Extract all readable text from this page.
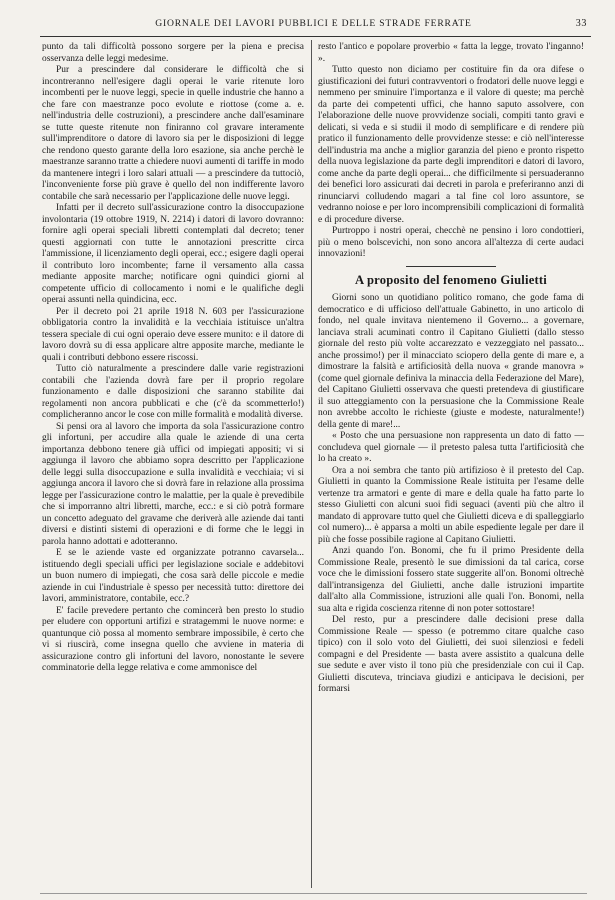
GIORNALE DEI LAVORI PUBBLICI E DELLE STRADE FERRATE	33

punto da tali difficoltà possono sorgere per la piena e precisa osservanza delle leggi medesime.

Pur a prescindere dal considerare le difficoltà che si incontreranno nell'esigere dagli operai le varie ritenute loro incombenti per le nuove leggi, specie in quelle industrie che hanno a che fare con maestranze poco evolute e riottose (come a. e. nell'industria delle costruzioni), a prescindere anche dall'esaminare se tutte queste ritenute non finiranno col gravare interamente sull'imprenditore o datore di lavoro sia per le disposizioni di legge che rendono questo garante della loro esazione, sia anche perchè le maestranze saranno tratte a chiedere nuovi aumenti di tariffe in modo da mantenere integri i loro salari attuali — a prescindere da tuttociò, l'inconveniente forse più grave è quello del non indifferente lavoro contabile che sarà necessario per l'applicazione delle nuove leggi.

Infatti per il decreto sull'assicurazione contro la disoccupazione involontaria (19 ottobre 1919, N. 2214) i datori di lavoro dovranno: fornire agli operai speciali libretti contemplati dal decreto; tener questi aggiornati con tutte le annotazioni prescritte circa l'ammissione, il licenziamento degli operai, ecc.; esigere dagli operai il contributo loro incombente; farne il versamento alla cassa mediante apposite marche; notificare ogni quindici giorni al competente ufficio di collocamento i nomi e le qualifiche degli operai assunti nella quindicina, ecc.

Per il decreto poi 21 aprile 1918 N. 603 per l'assicurazione obbligatoria contro la invalidità e la vecchiaia istituisce un'altra tessera speciale di cui ogni operaio deve essere munito: e il datore di lavoro dovrà su di essa applicare altre apposite marche, mediante le quali i contributi debbono essere riscossi.

Tutto ciò naturalmente a prescindere dalle varie registrazioni contabili che l'azienda dovrà fare per il proprio regolare funzionamento e dalle disposizioni che saranno stabilite dai regolamenti non ancora pubblicati e che (c'è da scommetterlo!) complicheranno ancor le cose con mille formalità e modalità diverse.

Si pensi ora al lavoro che importa da sola l'assicurazione contro gli infortuni, per accudire alla quale le aziende di una certa importanza debbono tenere già uffici od impiegati appositi; vi si aggiunga il lavoro che abbiamo sopra descritto per l'applicazione delle leggi sulla disoccupazione e sulla invalidità e vecchiaia; vi si aggiunga ancora il lavoro che si dovrà fare in relazione alla prossima legge per l'assicurazione contro le malattie, per la quale è prevedibile che si imporranno altri libretti, marche, ecc.: e si ciò potrà formare un concetto adeguato del gravame che deriverà alle aziende dai tanti diversi e distinti sistemi di operazioni e di forme che le leggi in parola hanno adottati e adotteranno.

E se le aziende vaste ed organizzate potranno cavarsela... istituendo degli speciali uffici per legislazione sociale e addebitovi un buon numero di impiegati, che cosa sarà delle piccole e medie aziende in cui l'industriale è spesso per necessità tutto: direttore dei lavori, amministratore, contabile, ecc.?

E' facile prevedere pertanto che comincerà ben presto lo studio per eludere con opportuni artifizi e stratagemmi le nuove norme: e quantunque ciò possa al momento sembrare impossibile, è certo che vi si riuscirà, come insegna quello che avviene in materia di assicurazione contro gli infortuni del lavoro, nonostante le severe comminatorie della legge relativa e come ammonisce del

resto l'antico e popolare proverbio « fatta la legge, trovato l'inganno! ».

Tutto questo non diciamo per costituire fin da ora difese o giustificazioni dei futuri contravventori o frodatori delle nuove leggi e nemmeno per sminuire l'importanza e il valore di queste; ma perchè da parte dei competenti uffici, che hanno saputo assolvere, con l'elaborazione delle nuove provvidenze sociali, compiti tanto gravi e delicati, si veda e si studii il modo di semplificare e di rendere più pratico il funzionamento delle provvidenze stesse: e ciò nell'interesse dell'industria ma anche a miglior garanzia del pieno e pronto rispetto della nuova legislazione da parte degli imprenditori e datori di lavoro, come anche da parte degli operai... che difficilmente si persuaderanno dei benefici loro assicurati dai decreti in parola e preferiranno anzi di rinunciarvi colludendo magari a tal fine col loro assuntore, se vedranno noiose e per loro incomprensibili complicazioni di formalità e di procedure diverse.

Purtroppo i nostri operai, checchè ne pensino i loro condottieri, più o meno bolscevichi, non sono ancora all'altezza di certe audaci innovazioni!

A proposito del fenomeno Giulietti

Giorni sono un quotidiano politico romano, che gode fama di democratico e di ufficioso dell'attuale Gabinetto, in uno articolo di fondo, nel quale invitava nientemeno il Governo... a governare, lanciava strali acuminati contro il Capitano Giulietti (dallo stesso giornale del resto più volte accarezzato e vezzeggiato nel passato... anche prossimo!) per il minacciato sciopero della gente di mare e, a dimostrare la falsità e artificiosità della nuova « grande manovra » (come quel giornale definiva la minaccia della Federazione del Mare), del Capitano Giulietti osservava che questi pretendeva di giustificare il suo atteggiamento con la persuasione che la Commissione Reale non avrebbe accolto le richieste (giuste e modeste, naturalmente!) della gente di mare!...

« Posto che una persuasione non rappresenta un dato di fatto — concludeva quel giornale — il pretesto palesa tutta l'artificiosità che lo ha creato ».

Ora a noi sembra che tanto più artifizioso è il pretesto del Cap. Giulietti in quanto la Commissione Reale istituita per l'esame delle vertenze tra armatori e gente di mare e della quale ha fatto parte lo stesso Giulietti con alcuni suoi fidi seguaci (aventi più che altro il mandato di approvare tutto quel che Giulietti diceva e di spalleggiarlo col numero)... è apparsa a molti un abile espediente legale per dare il più che fosse possibile ragione al Capitano Giulietti.

Anzi quando l'on. Bonomi, che fu il primo Presidente della Commissione Reale, presentò le sue dimissioni da tal carica, corse voce che le dimissioni fossero state suggerite all'on. Bonomi oltrechè dall'intransigenza del Giulietti, anche dalle istruzioni impartite dall'alto alla Commissione, istruzioni alle quali l'on. Bonomi, nella sua alta e rigida coscienza ritenne di non poter sottostare!

Del resto, pur a prescindere dalle decisioni prese dalla Commissione Reale — spesso (e potremmo citare qualche caso tipico) con il solo voto del Giulietti, dei suoi silenziosi e fedeli compagni e del Presidente — basta avere assistito a qualcuna delle sue sedute e aver visto il tono più che presidenziale con cui il Cap. Giulietti discuteva, trinciava giudizi e anticipava le decisioni, per formarsi
